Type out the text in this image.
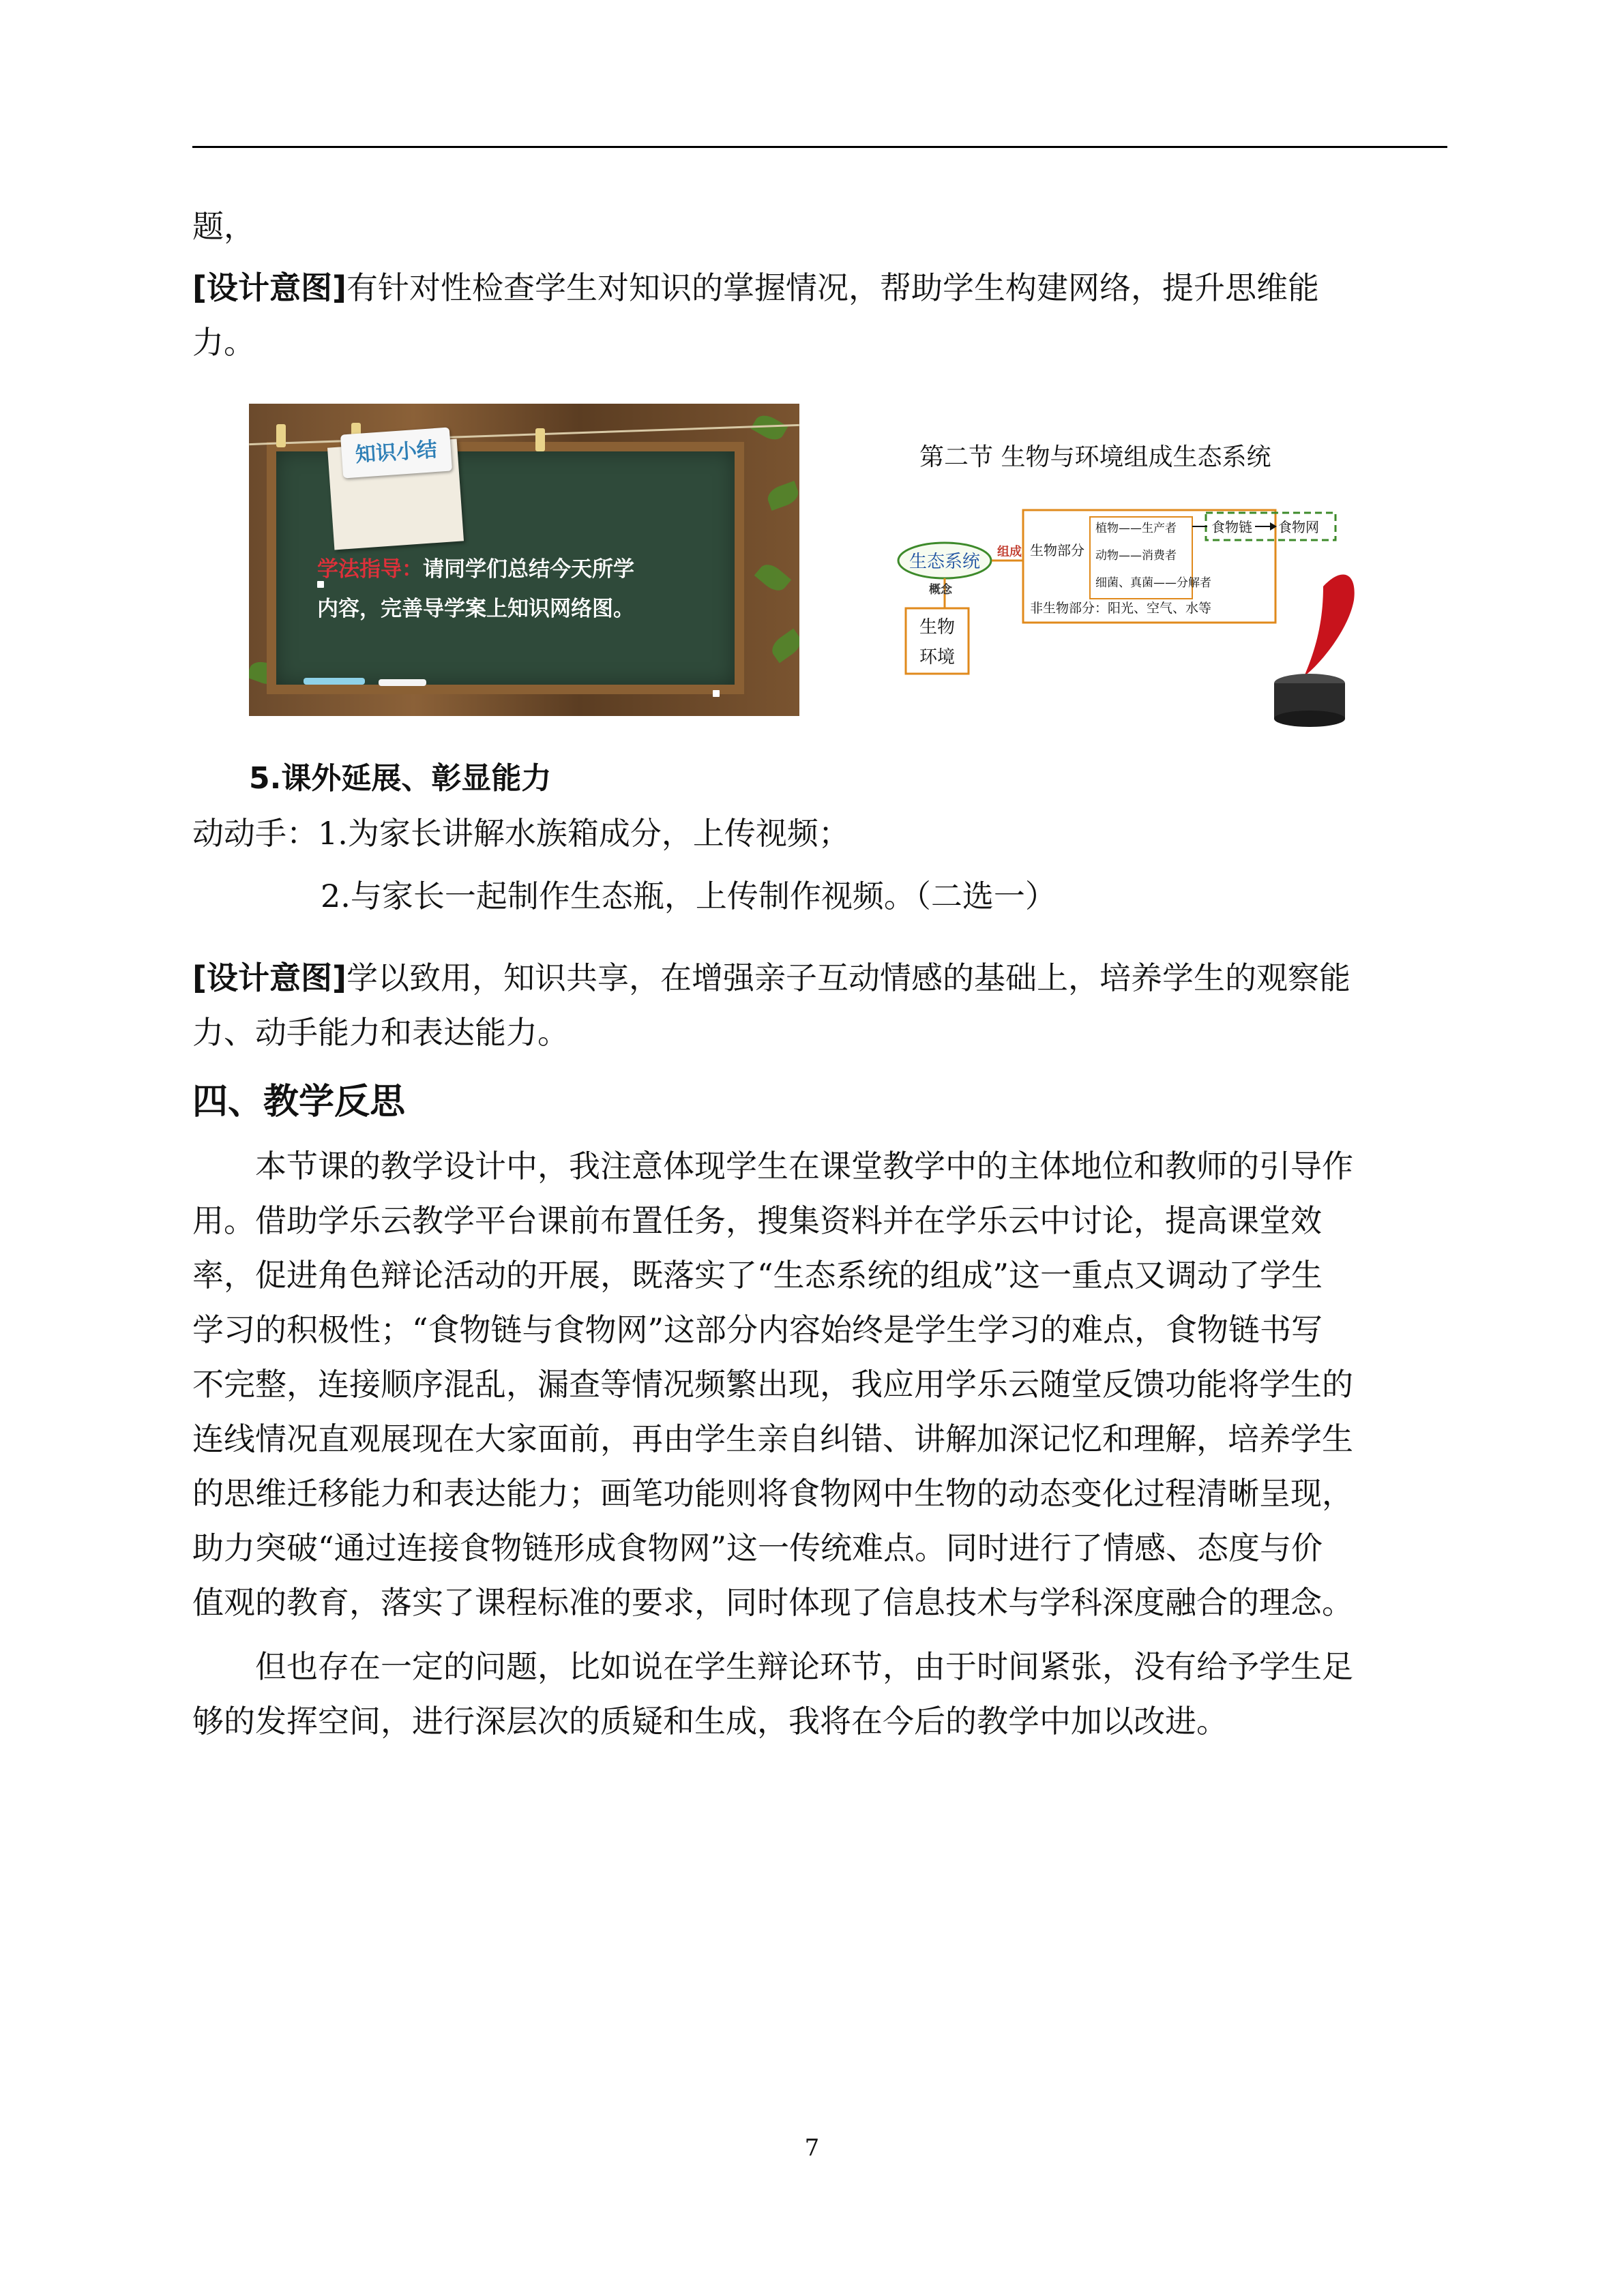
题，
[设计意图]有针对性检查学生对知识的掌握情况，帮助学生构建网络，提升思维能
力。
知识小结
学法指导：请同学们总结今天所学
内容，完善导学案上知识网络图。
第二节 生物与环境组成生态系统
生态系统 组成
概念
生物
环境
生物部分
植物——生产者
动物——消费者
细菌、真菌——分解者
非生物部分：阳光、空气、水等
食物链 食物网
5.课外延展、彰显能力
动动手：1.为家长讲解水族箱成分，上传视频；
2.与家长一起制作生态瓶，上传制作视频。（二选一）
[设计意图]学以致用，知识共享，在增强亲子互动情感的基础上，培养学生的观察能
力、动手能力和表达能力。
四、教学反思
本节课的教学设计中，我注意体现学生在课堂教学中的主体地位和教师的引导作
用。借助学乐云教学平台课前布置任务，搜集资料并在学乐云中讨论，提高课堂效
率，促进角色辩论活动的开展，既落实了“生态系统的组成”这一重点又调动了学生
学习的积极性；“食物链与食物网”这部分内容始终是学生学习的难点，食物链书写
不完整，连接顺序混乱，漏查等情况频繁出现，我应用学乐云随堂反馈功能将学生的
连线情况直观展现在大家面前，再由学生亲自纠错、讲解加深记忆和理解，培养学生
的思维迁移能力和表达能力；画笔功能则将食物网中生物的动态变化过程清晰呈现，
助力突破“通过连接食物链形成食物网”这一传统难点。同时进行了情感、态度与价
值观的教育，落实了课程标准的要求，同时体现了信息技术与学科深度融合的理念。
但也存在一定的问题，比如说在学生辩论环节，由于时间紧张，没有给予学生足
够的发挥空间，进行深层次的质疑和生成，我将在今后的教学中加以改进。
7
